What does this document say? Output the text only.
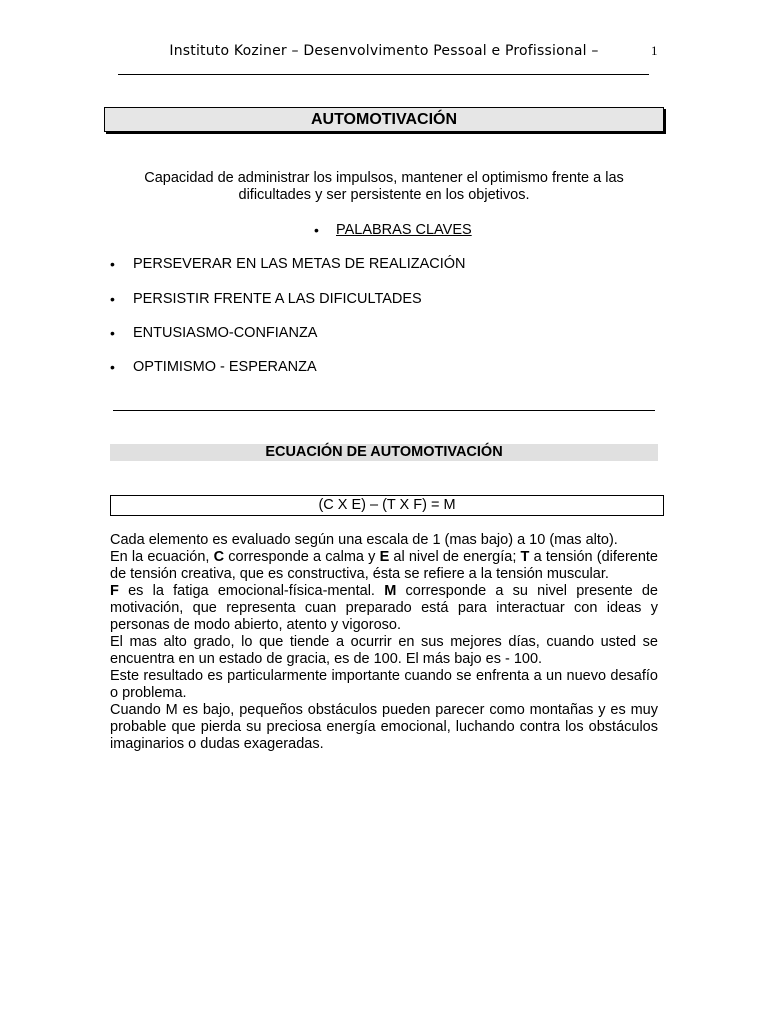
Instituto Koziner – Desenvolvimento Pessoal e Profissional –	1
AUTOMOTIVACIÓN
Capacidad de administrar los impulsos, mantener el optimismo frente a las dificultades y ser persistente en los objetivos.
• PALABRAS CLAVES
• PERSEVERAR EN LAS METAS DE REALIZACIÓN
• PERSISTIR FRENTE A LAS DIFICULTADES
• ENTUSIASMO-CONFIANZA
• OPTIMISMO - ESPERANZA
ECUACIÓN DE AUTOMOTIVACIÓN
(C X E) – (T X F) = M

Cada elemento es evaluado según una escala de 1 (mas bajo) a 10 (mas alto).

En la ecuación, C corresponde a calma y E al nivel de energía; T a tensión (diferente de tensión creativa, que es constructiva, ésta se refiere a la tensión muscular.

F es la fatiga emocional-física-mental. M corresponde a su nivel presente de motivación, que representa cuan preparado está para interactuar con ideas y personas de modo abierto, atento y vigoroso.

El mas alto grado, lo que tiende a ocurrir en sus mejores días, cuando usted se encuentra en un estado de gracia, es de 100. El más bajo es - 100.

Este resultado es particularmente importante cuando se enfrenta a un nuevo desafío o problema.

Cuando M es bajo, pequeños obstáculos pueden parecer como montañas y es muy probable que pierda su preciosa energía emocional, luchando contra los obstáculos imaginarios o dudas exageradas.
